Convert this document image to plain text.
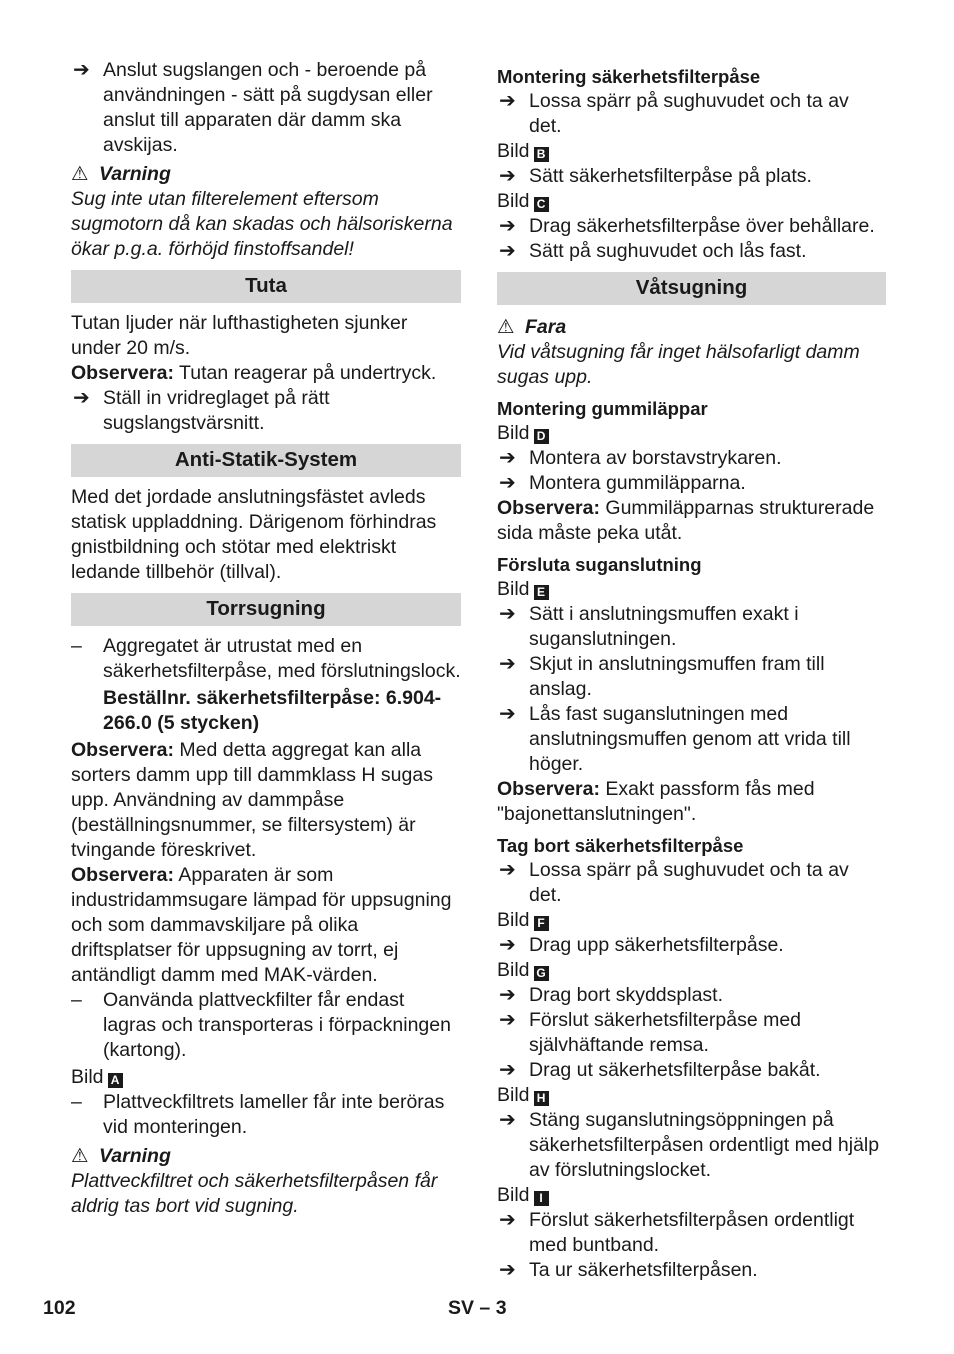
➔ Anslut sugslangen och - beroende på användningen - sätt på sugdysan eller anslut till apparaten där damm ska avskijas.

⚠ Varning

Sug inte utan filterelement eftersom sugmotorn då kan skadas och hälsoriskerna ökar p.g.a. förhöjd finstoffsandel!

Tuta

Tutan ljuder när lufthastigheten sjunker under 20 m/s.

Observera: Tutan reagerar på undertryck.

➔ Ställ in vridreglaget på rätt sugslangstvärsnitt.

Anti-Statik-System

Med det jordade anslutningsfästet avleds statisk uppladdning. Därigenom förhindras gnistbildning och stötar med elektriskt ledande tillbehör (tillval).

Torrsugning

– Aggregatet är utrustat med en säkerhetsfilterpåse, med förslutningslock.

Beställnr. säkerhetsfilterpåse: 6.904-266.0 (5 stycken)

Observera: Med detta aggregat kan alla sorters damm upp till dammklass H sugas upp. Användning av dammpåse (beställningsnummer, se filtersystem) är tvingande föreskrivet.

Observera: Apparaten är som industridammsugare lämpad för uppsugning och som dammavskiljare på olika driftsplatser för uppsugning av torrt, ej antändligt damm med MAK-värden.

– Oanvända plattveckfilter får endast lagras och transporteras i förpackningen (kartong).

Bild A

– Plattveckfiltrets lameller får inte beröras vid monteringen.

⚠ Varning

Plattveckfiltret och säkerhetsfilterpåsen får aldrig tas bort vid sugning.

Montering säkerhetsfilterpåse

➔ Lossa spärr på sughuvudet och ta av det.

Bild B

➔ Sätt säkerhetsfilterpåse på plats.

Bild C

➔ Drag säkerhetsfilterpåse över behållare.

➔ Sätt på sughuvudet och lås fast.

Våtsugning

⚠ Fara

Vid våtsugning får inget hälsofarligt damm sugas upp.

Montering gummiläppar

Bild D

➔ Montera av borstavstrykaren.

➔ Montera gummiläpparna.

Observera: Gummiläpparnas strukturerade sida måste peka utåt.

Försluta suganslutning

Bild E

➔ Sätt i anslutningsmuffen exakt i suganslutningen.

➔ Skjut in anslutningsmuffen fram till anslag.

➔ Lås fast suganslutningen med anslutningsmuffen genom att vrida till höger.

Observera: Exakt passform fås med "bajonettanslutningen".

Tag bort säkerhetsfilterpåse

➔ Lossa spärr på sughuvudet och ta av det.

Bild F

➔ Drag upp säkerhetsfilterpåse.

Bild G

➔ Drag bort skyddsplast.

➔ Förslut säkerhetsfilterpåse med självhäftande remsa.

➔ Drag ut säkerhetsfilterpåse bakåt.

Bild H

➔ Stäng suganslutningsöppningen på säkerhetsfilterpåsen ordentligt med hjälp av förslutningslocket.

Bild I

➔ Förslut säkerhetsfilterpåsen ordentligt med buntband.

➔ Ta ur säkerhetsfilterpåsen.

102	SV – 3
